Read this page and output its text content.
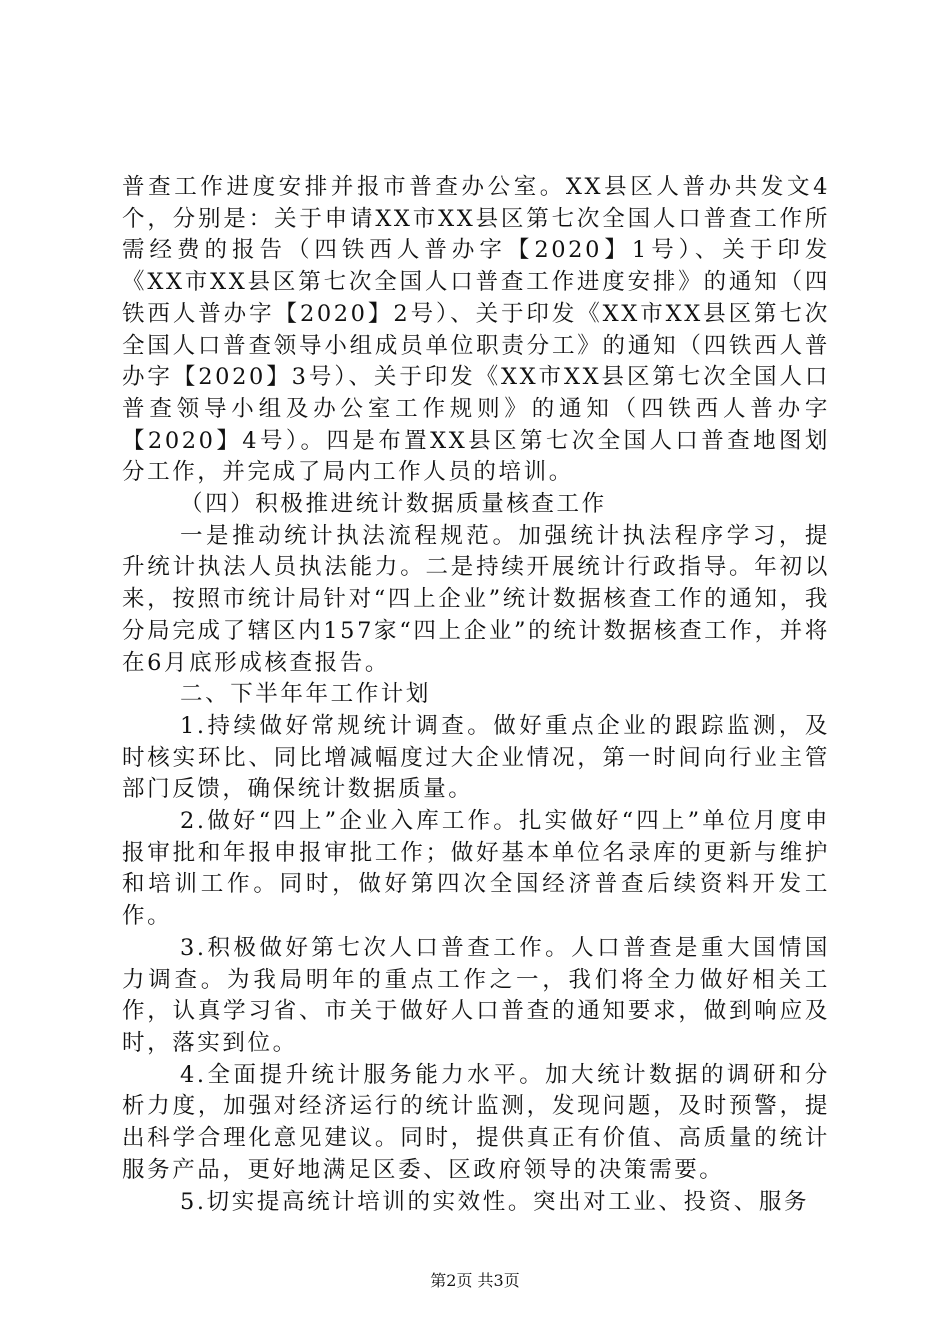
普查工作进度安排并报市普查办公室。XX县区人普办共发文4个，分别是：关于申请XX市XX县区第七次全国人口普查工作所需经费的报告（四铁西人普办字【2020】1号）、关于印发《XX市XX县区第七次全国人口普查工作进度安排》的通知（四铁西人普办字【2020】2号）、关于印发《XX市XX县区第七次全国人口普查领导小组成员单位职责分工》的通知（四铁西人普办字【2020】3号）、关于印发《XX市XX县区第七次全国人口普查领导小组及办公室工作规则》的通知（四铁西人普办字【2020】4号）。四是布置XX县区第七次全国人口普查地图划分工作，并完成了局内工作人员的培训。

（四）积极推进统计数据质量核查工作

一是推动统计执法流程规范。加强统计执法程序学习，提升统计执法人员执法能力。二是持续开展统计行政指导。年初以来，按照市统计局针对“四上企业”统计数据核查工作的通知，我分局完成了辖区内157家“四上企业”的统计数据核查工作，并将在6月底形成核查报告。

二、下半年年工作计划

1.持续做好常规统计调查。做好重点企业的跟踪监测，及时核实环比、同比增减幅度过大企业情况，第一时间向行业主管部门反馈，确保统计数据质量。

2.做好“四上”企业入库工作。扎实做好“四上”单位月度申报审批和年报申报审批工作；做好基本单位名录库的更新与维护和培训工作。同时，做好第四次全国经济普查后续资料开发工作。

3.积极做好第七次人口普查工作。人口普查是重大国情国力调查。为我局明年的重点工作之一，我们将全力做好相关工作，认真学习省、市关于做好人口普查的通知要求，做到响应及时，落实到位。

4.全面提升统计服务能力水平。加大统计数据的调研和分析力度，加强对经济运行的统计监测，发现问题，及时预警，提出科学合理化意见建议。同时，提供真正有价值、高质量的统计服务产品，更好地满足区委、区政府领导的决策需要。

5.切实提高统计培训的实效性。突出对工业、投资、服务

第2页 共3页
